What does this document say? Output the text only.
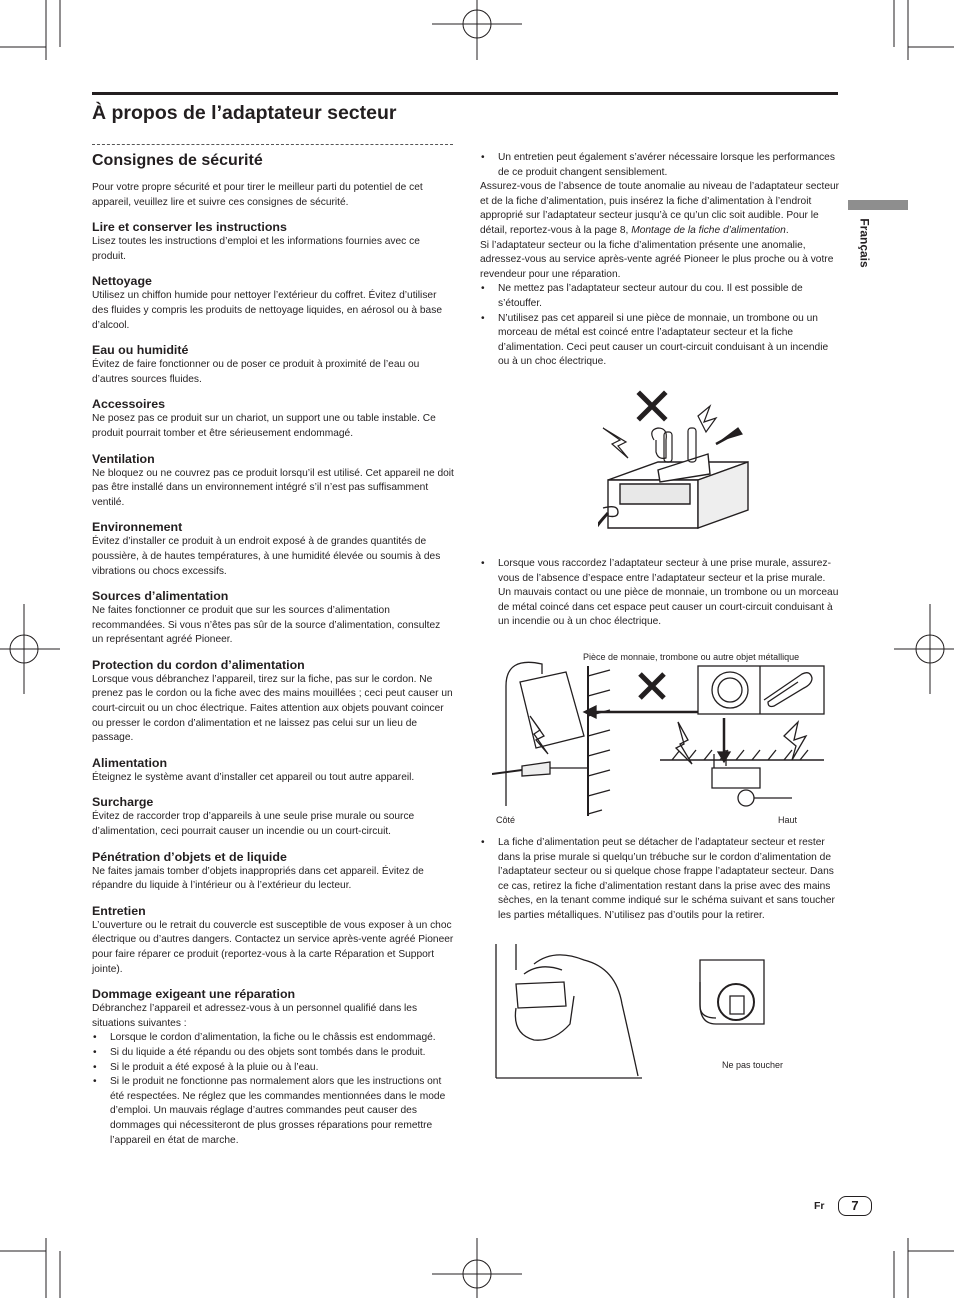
À propos de l’adaptateur secteur
Consignes de sécurité
Français

Pour votre propre sécurité et pour tirer le meilleur parti du potentiel de cet appareil, veuillez lire et suivre ces consignes de sécurité.

Lire et conserver les instructions

Lisez toutes les instructions d’emploi et les informations fournies avec ce produit.

Nettoyage

Utilisez un chiffon humide pour nettoyer l’extérieur du coffret. Évitez d’utiliser des fluides y compris les produits de nettoyage liquides, en aérosol ou à base d’alcool.

Eau ou humidité

Évitez de faire fonctionner ou de poser ce produit à proximité de l’eau ou d’autres sources fluides.

Accessoires

Ne posez pas ce produit sur un chariot, un support une ou table instable. Ce produit pourrait tomber et être sérieusement endommagé.

Ventilation

Ne bloquez ou ne couvrez pas ce produit lorsqu’il est utilisé. Cet appareil ne doit pas être installé dans un environnement intégré s’il n’est pas suffisamment ventilé.

Environnement

Évitez d’installer ce produit à un endroit exposé à de grandes quantités de poussière, à de hautes températures, à une humidité élevée ou soumis à des vibrations ou chocs excessifs.

Sources d’alimentation

Ne faites fonctionner ce produit que sur les sources d’alimentation recommandées. Si vous n’êtes pas sûr de la source d’alimentation, consultez un représentant agréé Pioneer.

Protection du cordon d’alimentation

Lorsque vous débranchez l’appareil, tirez sur la fiche, pas sur le cordon. Ne prenez pas le cordon ou la fiche avec des mains mouillées ; ceci peut causer un court-circuit ou un choc électrique. Faites attention aux objets pouvant coincer ou presser le cordon d’alimentation et ne laissez pas celui sur un lieu de passage.

Alimentation

Éteignez le système avant d’installer cet appareil ou tout autre appareil.

Surcharge

Évitez de raccorder trop d’appareils à une seule prise murale ou source d’alimentation, ceci pourrait causer un incendie ou un court-circuit.

Pénétration d’objets et de liquide

Ne faites jamais tomber d’objets inappropriés dans cet appareil. Évitez de répandre du liquide à l’intérieur ou à l’extérieur du lecteur.

Entretien

L’ouverture ou le retrait du couvercle est susceptible de vous exposer à un choc électrique ou d’autres dangers. Contactez un service après-vente agréé Pioneer pour faire réparer ce produit (reportez-vous à la carte Réparation et Support jointe).

Dommage exigeant une réparation

Débranchez l’appareil et adressez-vous à un personnel qualifié dans les situations suivantes :

• Lorsque le cordon d’alimentation, la fiche ou le châssis est endommagé.
• Si du liquide a été répandu ou des objets sont tombés dans le produit.
• Si le produit a été exposé à la pluie ou à l’eau.
• Si le produit ne fonctionne pas normalement alors que les instructions ont été respectées. Ne réglez que les commandes mentionnées dans le mode d’emploi. Un mauvais réglage d’autres commandes peut causer des dommages qui nécessiteront de plus grosses réparations pour remettre l’appareil en état de marche.
• Un entretien peut également s’avérer nécessaire lorsque les performances de ce produit changent sensiblement.

Assurez-vous de l’absence de toute anomalie au niveau de l’adaptateur secteur et de la fiche d’alimentation, puis insérez la fiche d’alimentation à l’endroit approprié sur l’adaptateur secteur jusqu’à ce qu’un clic soit audible. Pour le détail, reportez-vous à la page 8, Montage de la fiche d’alimentation.

Si l’adaptateur secteur ou la fiche d’alimentation présente une anomalie, adressez-vous au service après-vente agréé Pioneer le plus proche ou à votre revendeur pour une réparation.

• Ne mettez pas l’adaptateur secteur autour du cou. Il est possible de s’étouffer.
• N’utilisez pas cet appareil si une pièce de monnaie, un trombone ou un morceau de métal est coincé entre l’adaptateur secteur et la fiche d’alimentation. Ceci peut causer un court-circuit conduisant à un incendie ou à un choc électrique.
• Lorsque vous raccordez l’adaptateur secteur à une prise murale, assurez-vous de l’absence d’espace entre l’adaptateur secteur et la prise murale. Un mauvais contact ou une pièce de monnaie, un trombone ou un morceau de métal coincé dans cet espace peut causer un court-circuit conduisant à un incendie ou à un choc électrique.
Pièce de monnaie, trombone ou autre objet métallique
Côté	Haut
• La fiche d’alimentation peut se détacher de l’adaptateur secteur et rester dans la prise murale si quelqu’un trébuche sur le cordon d’alimentation de l’adaptateur secteur ou si quelque chose frappe l’adaptateur secteur. Dans ce cas, retirez la fiche d’alimentation restant dans la prise avec des mains sèches, en la tenant comme indiqué sur le schéma suivant et sans toucher les parties métalliques. N’utilisez pas d’outils pour la retirer.
Ne pas toucher
Fr	7
